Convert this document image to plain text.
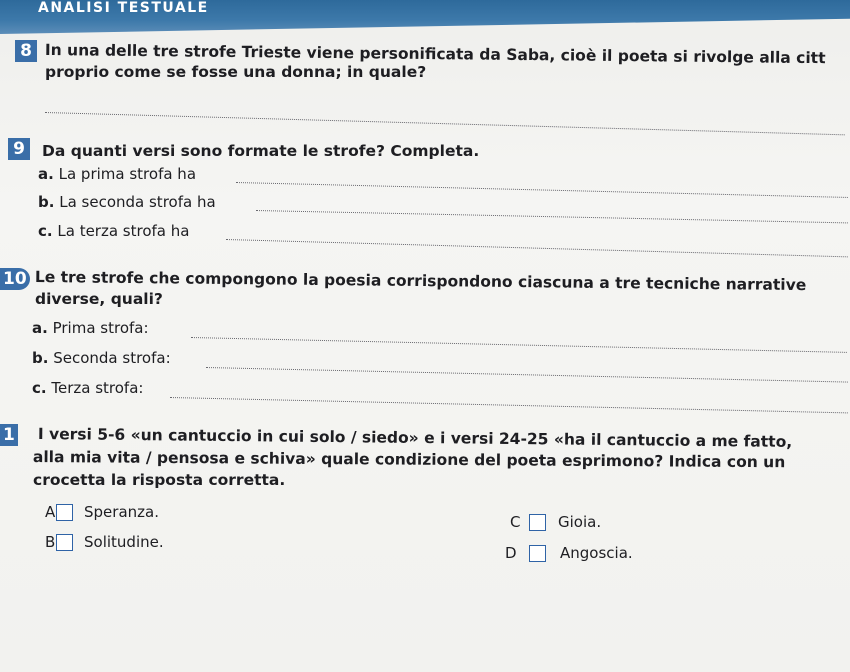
ANALISI TESTUALE
8 In una delle tre strofe Trieste viene personificata da Saba, cioè il poeta si rivolge alla citt
proprio come se fosse una donna; in quale?
9	Da quanti versi sono formate le strofe? Completa.
a. La prima strofa ha
b. La seconda strofa ha
c. La terza strofa ha
10 Le tre strofe che compongono la poesia corrispondono ciascuna a tre tecniche narrative
diverse, quali?
a. Prima strofa:
b. Seconda strofa:
c. Terza strofa:
1 I versi 5-6 «un cantuccio in cui solo / siedo» e i versi 24-25 «ha il cantuccio a me fatto,
alla mia vita / pensosa e schiva» quale condizione del poeta esprimono? Indica con un
crocetta la risposta corretta.
A Speranza.
B Solitudine.
C	Gioia.
D	Angoscia.
